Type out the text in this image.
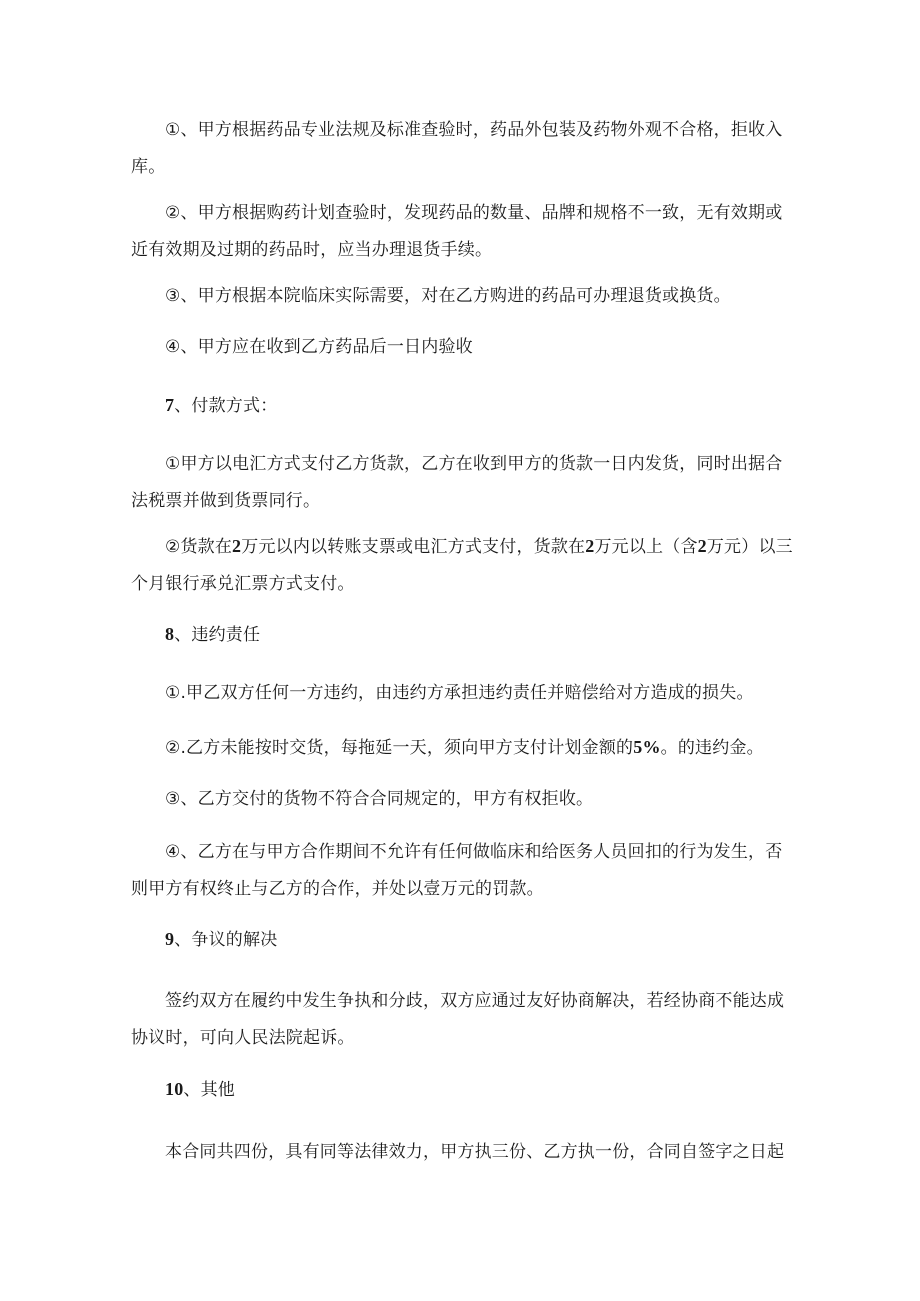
①、甲方根据药品专业法规及标准查验时，药品外包装及药物外观不合格，拒收入库。

②、甲方根据购药计划查验时，发现药品的数量、品牌和规格不一致，无有效期或近有效期及过期的药品时，应当办理退货手续。

③、甲方根据本院临床实际需要，对在乙方购进的药品可办理退货或换货。

④、甲方应在收到乙方药品后一日内验收

7、付款方式：

①甲方以电汇方式支付乙方货款，乙方在收到甲方的货款一日内发货，同时出据合法税票并做到货票同行。

②货款在2万元以内以转账支票或电汇方式支付，货款在2万元以上（含2万元）以三个月银行承兑汇票方式支付。

8、违约责任

①.甲乙双方任何一方违约，由违约方承担违约责任并赔偿给对方造成的损失。

②.乙方未能按时交货，每拖延一天，须向甲方支付计划金额的5%。的违约金。

③、乙方交付的货物不符合合同规定的，甲方有权拒收。

④、乙方在与甲方合作期间不允许有任何做临床和给医务人员回扣的行为发生，否则甲方有权终止与乙方的合作，并处以壹万元的罚款。

9、争议的解决

签约双方在履约中发生争执和分歧，双方应通过友好协商解决，若经协商不能达成协议时，可向人民法院起诉。

10、其他

本合同共四份，具有同等法律效力，甲方执三份、乙方执一份，合同自签字之日起
